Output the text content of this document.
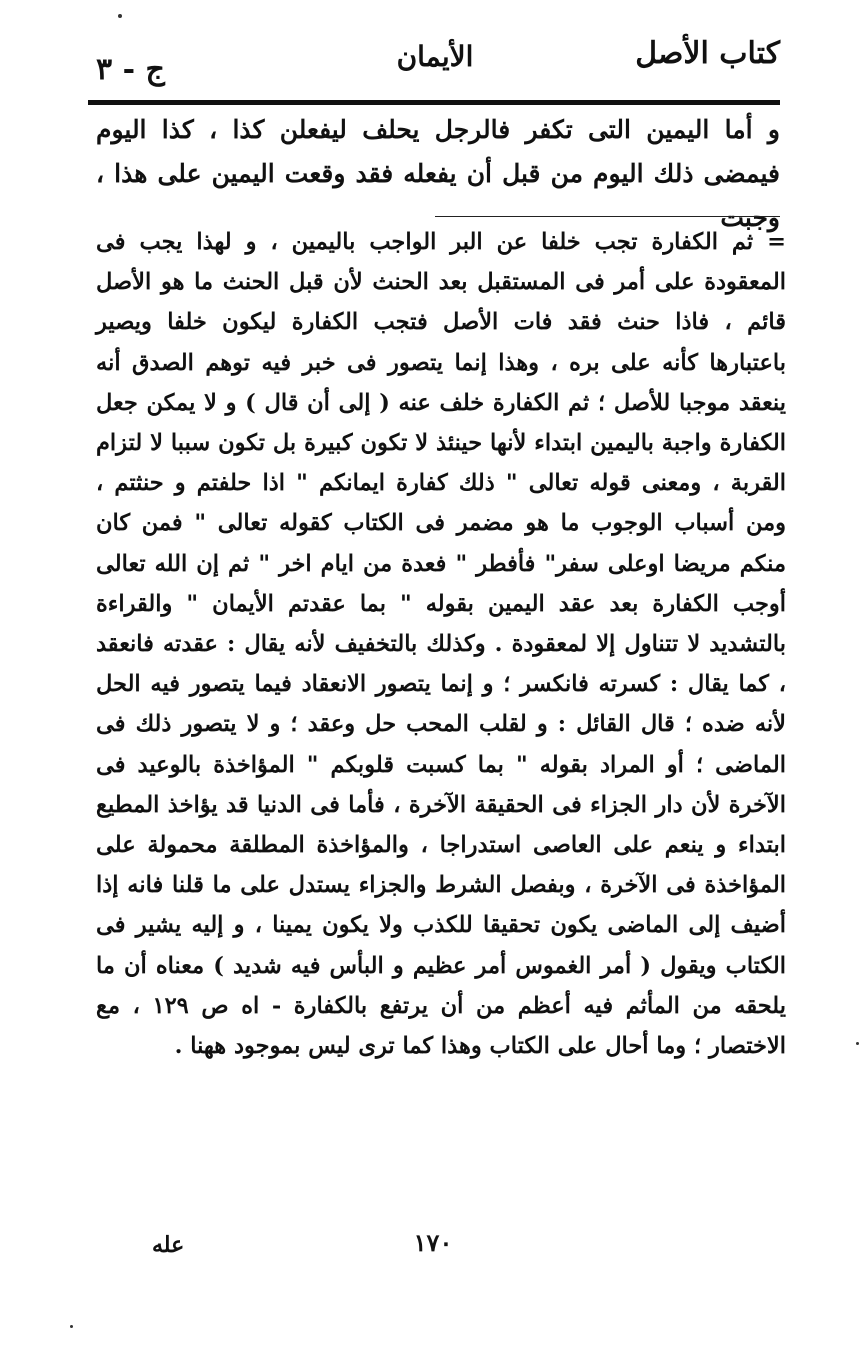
كتاب الأصل
الأيمان
ج - ٣

و أما اليمين التى تكفر فالرجل يحلف ليفعلن كذا ، كذا اليوم فيمضى ذلك اليوم من قبل أن يفعله فقد وقعت اليمين على هذا ، وجبت

= ثم الكفارة تجب خلفا عن البر الواجب باليمين ، و لهذا يجب فى المعقودة على أمر فى المستقبل بعد الحنث لأن قبل الحنث ما هو الأصل قائم ، فاذا حنث فقد فات الأصل فتجب الكفارة ليكون خلفا ويصير باعتبارها كأنه على بره ، وهذا إنما يتصور فى خبر فيه توهم الصدق أنه ينعقد موجبا للأصل ؛ ثم الكفارة خلف عنه ( إلى أن قال ) و لا يمكن جعل الكفارة واجبة باليمين ابتداء لأنها حينئذ لا تكون كبيرة بل تكون سببا لا لتزام القربة ، ومعنى قوله تعالى " ذلك كفارة ايمانكم " اذا حلفتم و حنثتم ، ومن أسباب الوجوب ما هو مضمر فى الكتاب كقوله تعالى " فمن كان منكم مريضا اوعلى سفر" فأفطر " فعدة من ايام اخر " ثم إن الله تعالى أوجب الكفارة بعد عقد اليمين بقوله " بما عقدتم الأيمان " والقراءة بالتشديد لا تتناول إلا لمعقودة . وكذلك بالتخفيف لأنه يقال : عقدته فانعقد ، كما يقال : كسرته فانكسر ؛ و إنما يتصور الانعقاد فيما يتصور فيه الحل لأنه ضده ؛ قال القائل : و لقلب المحب حل وعقد ؛ و لا يتصور ذلك فى الماضى ؛ أو المراد بقوله " بما كسبت قلوبكم " المؤاخذة بالوعيد فى الآخرة لأن دار الجزاء فى الحقيقة الآخرة ، فأما فى الدنيا قد يؤاخذ المطيع ابتداء و ينعم على العاصى استدراجا ، والمؤاخذة المطلقة محمولة على المؤاخذة فى الآخرة ، وبفصل الشرط والجزاء يستدل على ما قلنا فانه إذا أضيف إلى الماضى يكون تحقيقا للكذب ولا يكون يمينا ، و إليه يشير فى الكتاب ويقول ( أمر الغموس أمر عظيم و البأس فيه شديد ) معناه أن ما يلحقه من المأثم فيه أعظم من أن يرتفع بالكفارة - اه ص ١٢٩ ، مع الاختصار ؛ وما أحال على الكتاب وهذا كما ترى ليس بموجود ههنا .

١٧٠
عله
